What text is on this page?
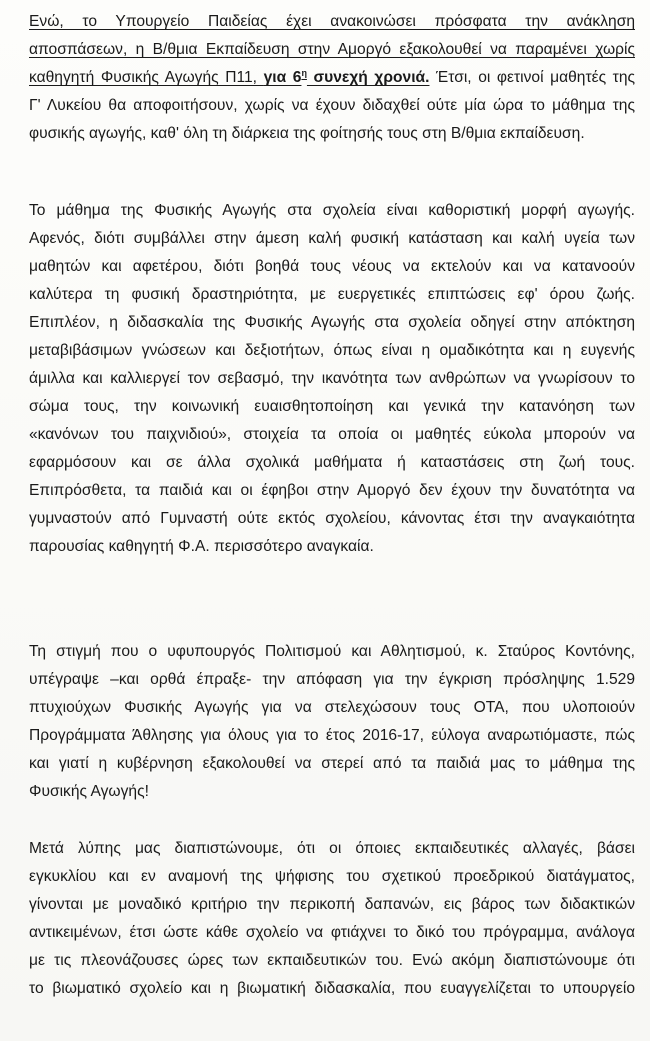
Ενώ, το Υπουργείο Παιδείας έχει ανακοινώσει πρόσφατα την ανάκληση
αποσπάσεων, η Β/θμια Εκπαίδευση στην Αμοργό εξακολουθεί να παραμένει χωρίς
καθηγητή Φυσικής Αγωγής Π11, για $6^\eta$ συνεχή χρονιά. Έτσι, οι φετινοί μαθητές της
Γ' Λυκείου θα αποφοιτήσουν, χωρίς να έχουν διδαχθεί ούτε μία ώρα το μάθημα της
φυσικής αγωγής, καθ' όλη τη διάρκεια της φοίτησής τους στη Β/θμια εκπαίδευση.
Το μάθημα της Φυσικής Αγωγής στα σχολεία είναι καθοριστική μορφή αγωγής.
Αφενός, διότι συμβάλλει στην άμεση καλή φυσική κατάσταση και καλή υγεία των
μαθητών και αφετέρου, διότι βοηθά τους νέους να εκτελούν και να κατανοούν
καλύτερα τη φυσική δραστηριότητα, με ευεργετικές επιπτώσεις εφ' όρου ζωής.
Επιπλέον, η διδασκαλία της Φυσικής Αγωγής στα σχολεία οδηγεί στην απόκτηση
μεταβιβάσιμων γνώσεων και δεξιοτήτων, όπως είναι η ομαδικότητα και η ευγενής
άμιλλα και καλλιεργεί τον σεβασμό, την ικανότητα των ανθρώπων να γνωρίσουν το
σώμα τους, την κοινωνική ευαισθητοποίηση και γενικά την κατανόηση των
«κανόνων του παιχνιδιού», στοιχεία τα οποία οι μαθητές εύκολα μπορούν να
εφαρμόσουν και σε άλλα σχολικά μαθήματα ή καταστάσεις στη ζωή τους.
Επιπρόσθετα, τα παιδιά και οι έφηβοι στην Αμοργό δεν έχουν την δυνατότητα να
γυμναστούν από Γυμναστή ούτε εκτός σχολείου, κάνοντας έτσι την αναγκαιότητα
παρουσίας καθηγητή Φ.Α. περισσότερο αναγκαία.
Τη στιγμή που ο υφυπουργός Πολιτισμού και Αθλητισμού, κ. Σταύρος Κοντόνης,
υπέγραψε –και ορθά έπραξε- την απόφαση για την έγκριση πρόσληψης 1.529
πτυχιούχων Φυσικής Αγωγής για να στελεχώσουν τους ΟΤΑ, που υλοποιούν
Προγράμματα Άθλησης για όλους για το έτος 2016-17, εύλογα αναρωτιόμαστε, πώς
και γιατί η κυβέρνηση εξακολουθεί να στερεί από τα παιδιά μας το μάθημα της
Φυσικής Αγωγής!
Μετά λύπης μας διαπιστώνουμε, ότι οι όποιες εκπαιδευτικές αλλαγές, βάσει
εγκυκλίου και εν αναμονή της ψήφισης του σχετικού προεδρικού διατάγματος,
γίνονται με μοναδικό κριτήριο την περικοπή δαπανών, εις βάρος των διδακτικών
αντικειμένων, έτσι ώστε κάθε σχολείο να φτιάχνει το δικό του πρόγραμμα, ανάλογα
με τις πλεονάζουσες ώρες των εκπαιδευτικών του. Ενώ ακόμη διαπιστώνουμε ότι
το βιωματικό σχολείο και η βιωματική διδασκαλία, που ευαγγελίζεται το υπουργείο
